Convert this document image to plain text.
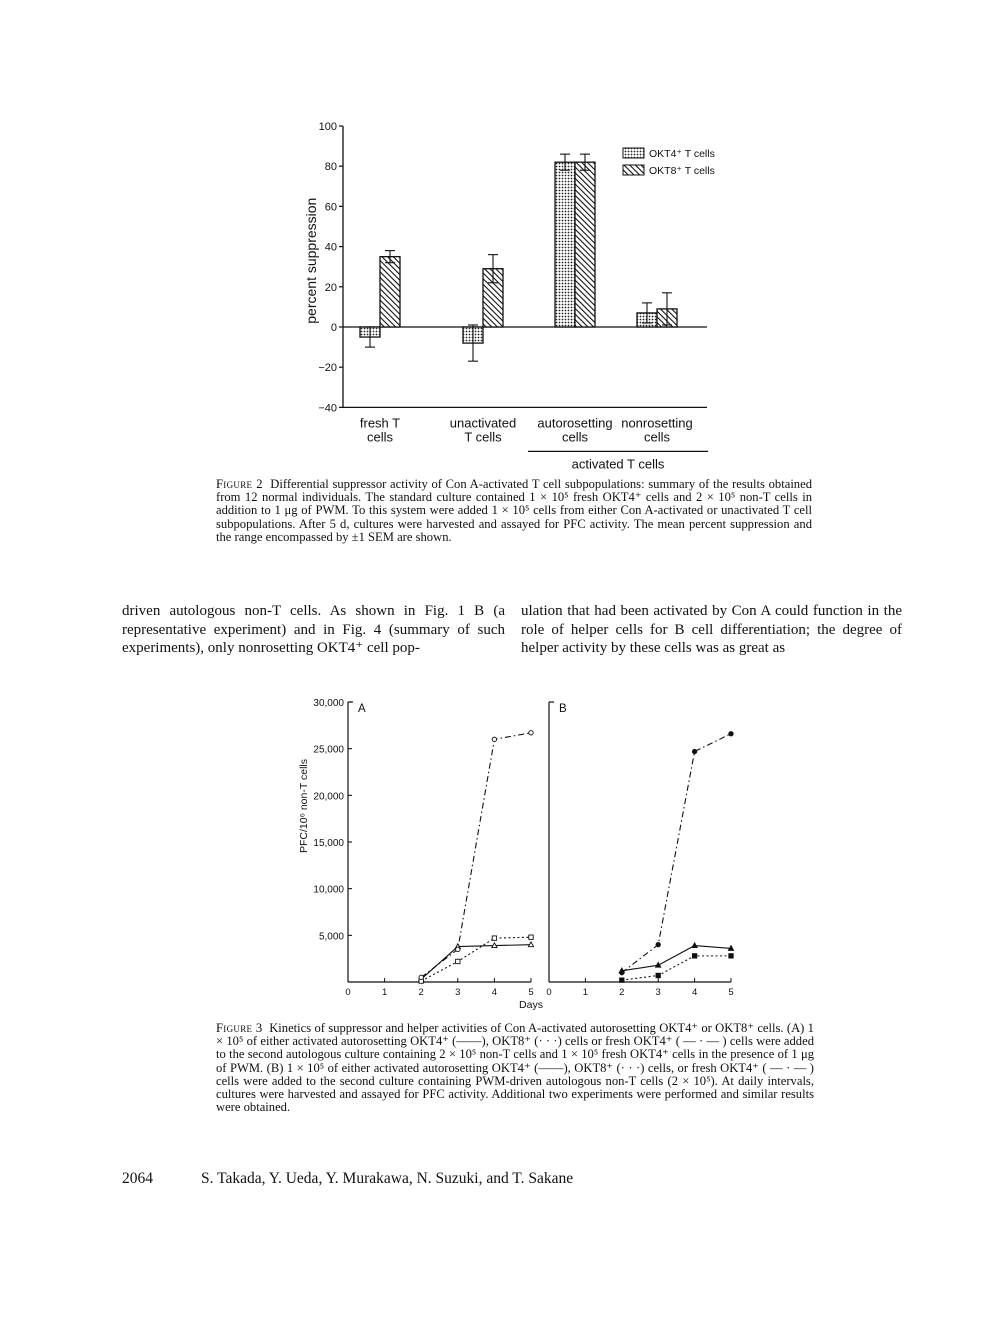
−40
−20
0
20
40
60
80
100
percent suppression
fresh T
cells
unactivated
T cells
autorosetting
cells
nonrosetting
cells
activated T cells
OKT4⁺ T cells
OKT8⁺ T cells
Figure 2 Differential suppressor activity of Con A-activated T cell subpopulations: summary of the results obtained from 12 normal individuals. The standard culture contained 1 × 10⁵ fresh OKT4⁺ cells and 2 × 10⁵ non-T cells in addition to 1 μg of PWM. To this system were added 1 × 10⁵ cells from either Con A-activated or unactivated T cell subpopulations. After 5 d, cultures were harvested and assayed for PFC activity. The mean percent suppression and the range encompassed by ±1 SEM are shown.
driven autologous non-T cells. As shown in Fig. 1 B (a representative experiment) and in Fig. 4 (summary of such experiments), only nonrosetting OKT4⁺ cell pop-
ulation that had been activated by Con A could function in the role of helper cells for B cell differentiation; the degree of helper activity by these cells was as great as
5,000
10,000
15,000
20,000
25,000
30,000
PFC/10⁶ non-T cells
A
0	1	2	3	4	5
B
0	1	2	3	4	5
Days
Figure 3 Kinetics of suppressor and helper activities of Con A-activated autorosetting OKT4⁺ or OKT8⁺ cells. (A) 1 × 10⁵ of either activated autorosetting OKT4⁺ (——), OKT8⁺ (· · ·) cells or fresh OKT4⁺ ( — · — ) cells were added to the second autologous culture containing 2 × 10⁵ non-T cells and 1 × 10⁵ fresh OKT4⁺ cells in the presence of 1 μg of PWM. (B) 1 × 10⁵ of either activated autorosetting OKT4⁺ (——), OKT8⁺ (· · ·) cells, or fresh OKT4⁺ ( — · — ) cells were added to the second culture containing PWM-driven autologous non-T cells (2 × 10⁵). At daily intervals, cultures were harvested and assayed for PFC activity. Additional two experiments were performed and similar results were obtained.
2064	S. Takada, Y. Ueda, Y. Murakawa, N. Suzuki, and T. Sakane
